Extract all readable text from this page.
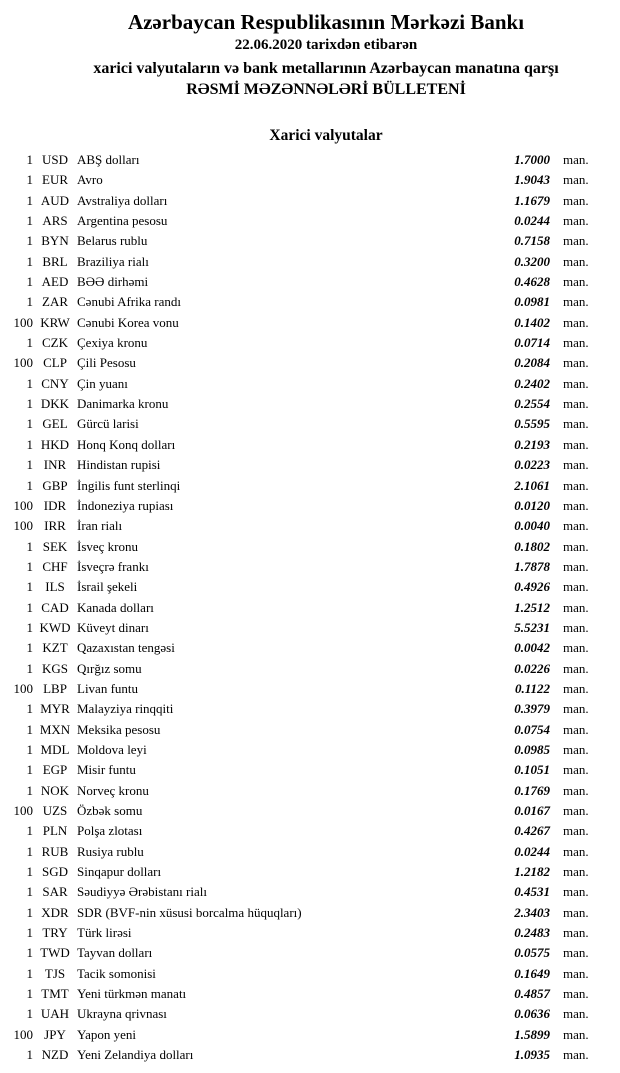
Azərbaycan Respublikasının Mərkəzi Bankı
22.06.2020 tarixdən etibarən
xarici valyutaların və bank metallarının Azərbaycan manatına qarşı
RƏSMİ MƏZƏNNƏLƏRİ BÜLLETENİ
Xarici valyutalar
1 USD ABŞ dolları	1.7000	man.
1 EUR Avro	1.9043	man.
1 AUD Avstraliya dolları	1.1679	man.
1 ARS Argentina pesosu	0.0244	man.
1 BYN Belarus rublu	0.7158	man.
1 BRL Braziliya rialı	0.3200	man.
1 AED BƏƏ dirhəmi	0.4628	man.
1 ZAR Cənubi Afrika randı	0.0981	man.
100 KRW Cənubi Korea vonu	0.1402	man.
1 CZK Çexiya kronu	0.0714	man.
100 CLP Çili Pesosu	0.2084	man.
1 CNY Çin yuanı	0.2402	man.
1 DKK Danimarka kronu	0.2554	man.
1 GEL Gürcü larisi	0.5595	man.
1 HKD Honq Konq dolları	0.2193	man.
1 INR Hindistan rupisi	0.0223	man.
1 GBP İngilis funt sterlinqi	2.1061	man.
100 IDR İndoneziya rupiası	0.0120	man.
100 IRR İran rialı	0.0040	man.
1 SEK İsveç kronu	0.1802	man.
1 CHF İsveçrə frankı	1.7878	man.
1 ILS İsrail şekeli	0.4926	man.
1 CAD Kanada dolları	1.2512	man.
1 KWD Küveyt dinarı	5.5231	man.
1 KZT Qazaxıstan tengəsi	0.0042	man.
1 KGS Qırğız somu	0.0226	man.
100 LBP Livan funtu	0.1122	man.
1 MYR Malayziya rinqqiti	0.3979	man.
1 MXN Meksika pesosu	0.0754	man.
1 MDL Moldova leyi	0.0985	man.
1 EGP Misir funtu	0.1051	man.
1 NOK Norveç kronu	0.1769	man.
100 UZS Özbək somu	0.0167	man.
1 PLN Polşa zlotası	0.4267	man.
1 RUB Rusiya rublu	0.0244	man.
1 SGD Sinqapur dolları	1.2182	man.
1 SAR Səudiyyə Ərəbistanı rialı	0.4531	man.
1 XDR SDR (BVF-nin xüsusi borcalma hüquqları)	2.3403	man.
1 TRY Türk lirəsi	0.2483	man.
1 TWD Tayvan dolları	0.0575	man.
1 TJS Tacik somonisi	0.1649	man.
1 TMT Yeni türkmən manatı	0.4857	man.
1 UAH Ukrayna qrivnası	0.0636	man.
100 JPY Yapon yeni	1.5899	man.
1 NZD Yeni Zelandiya dolları	1.0935	man.
